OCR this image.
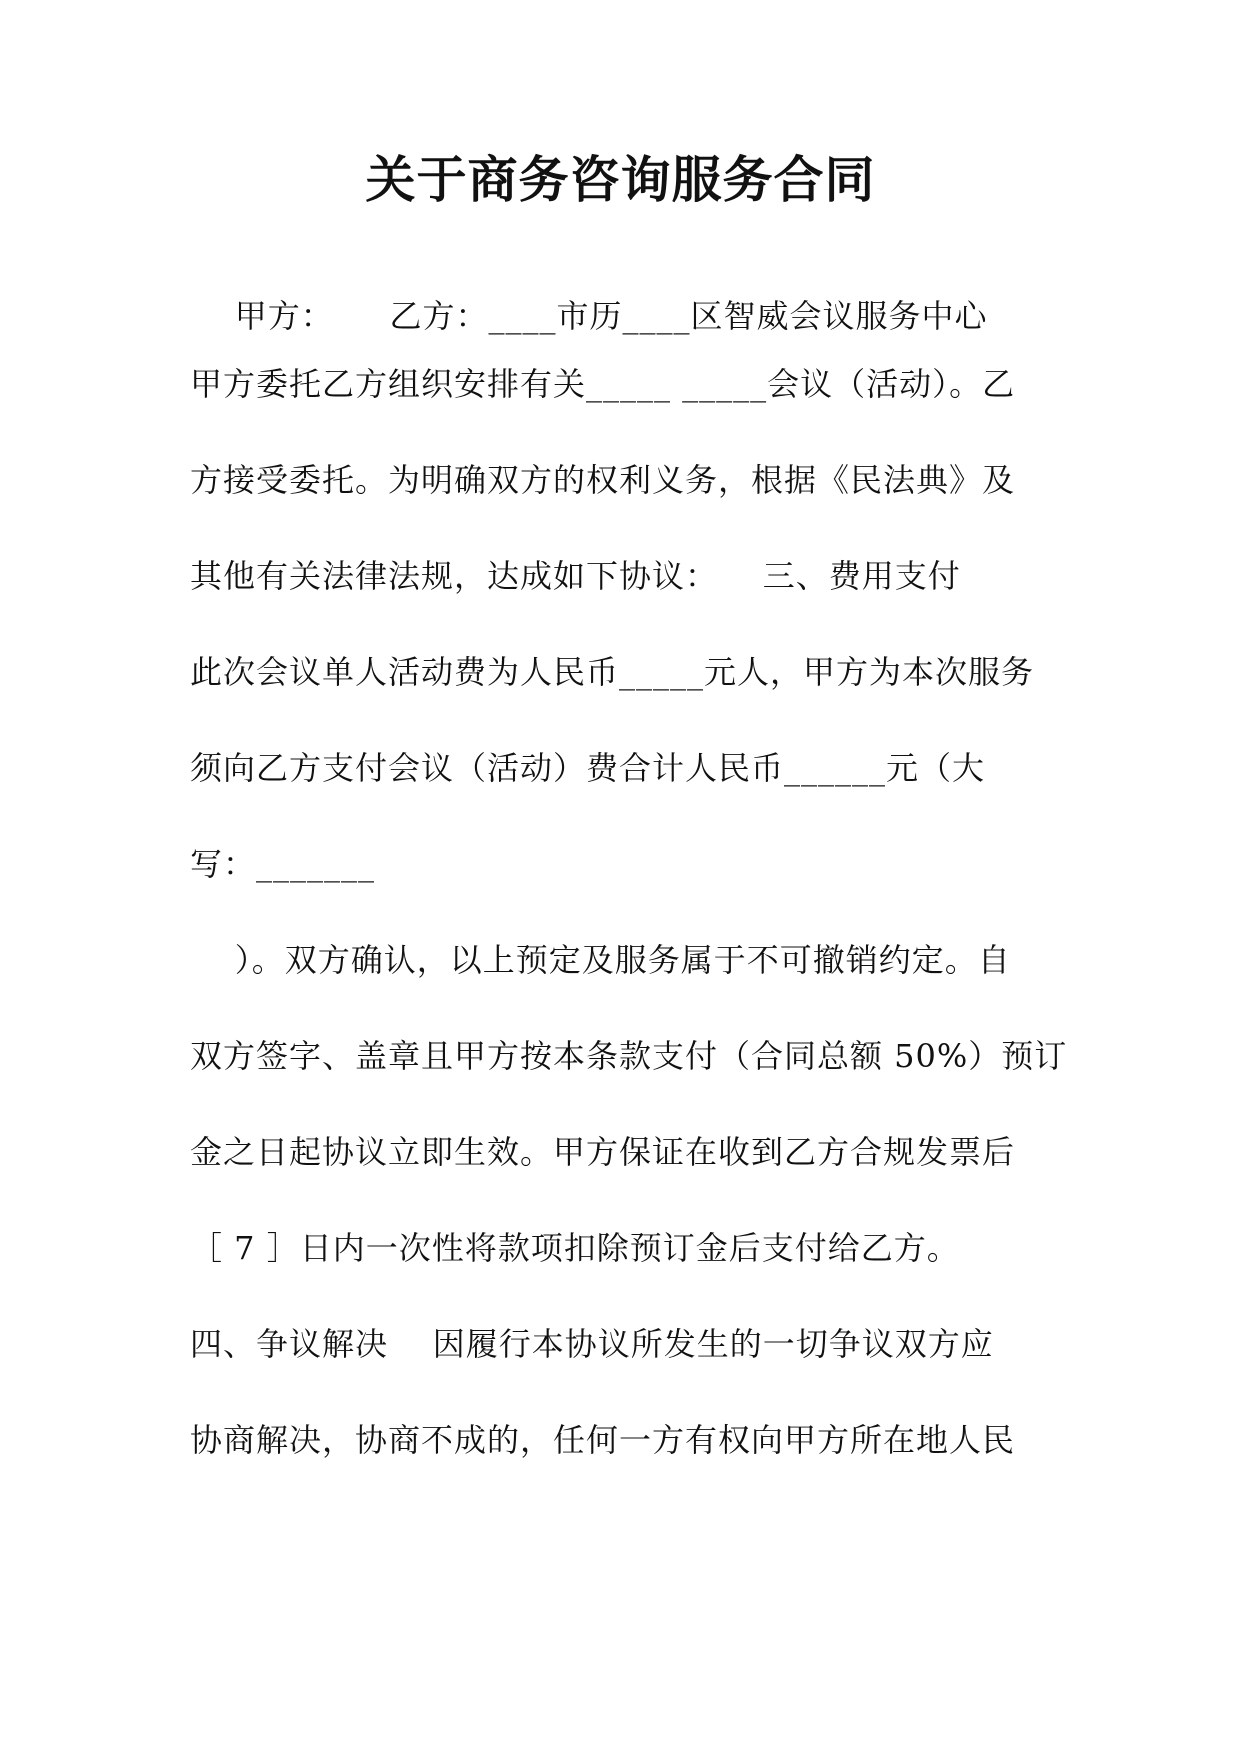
关于商务咨询服务合同
甲方：     乙方：____市历____区智威会议服务中心
甲方委托乙方组织安排有关_____ _____会议（活动）。乙
方接受委托。为明确双方的权利义务，根据《民法典》及
其他有关法律法规，达成如下协议：    三、费用支付
此次会议单人活动费为人民币_____元人，甲方为本次服务
须向乙方支付会议（活动）费合计人民币______元（大
写：_______
）。双方确认，以上预定及服务属于不可撤销约定。自
双方签字、盖章且甲方按本条款支付（合同总额 50%）预订
金之日起协议立即生效。甲方保证在收到乙方合规发票后
［ 7 ］日内一次性将款项扣除预订金后支付给乙方。
四、争议解决    因履行本协议所发生的一切争议双方应
协商解决，协商不成的，任何一方有权向甲方所在地人民
